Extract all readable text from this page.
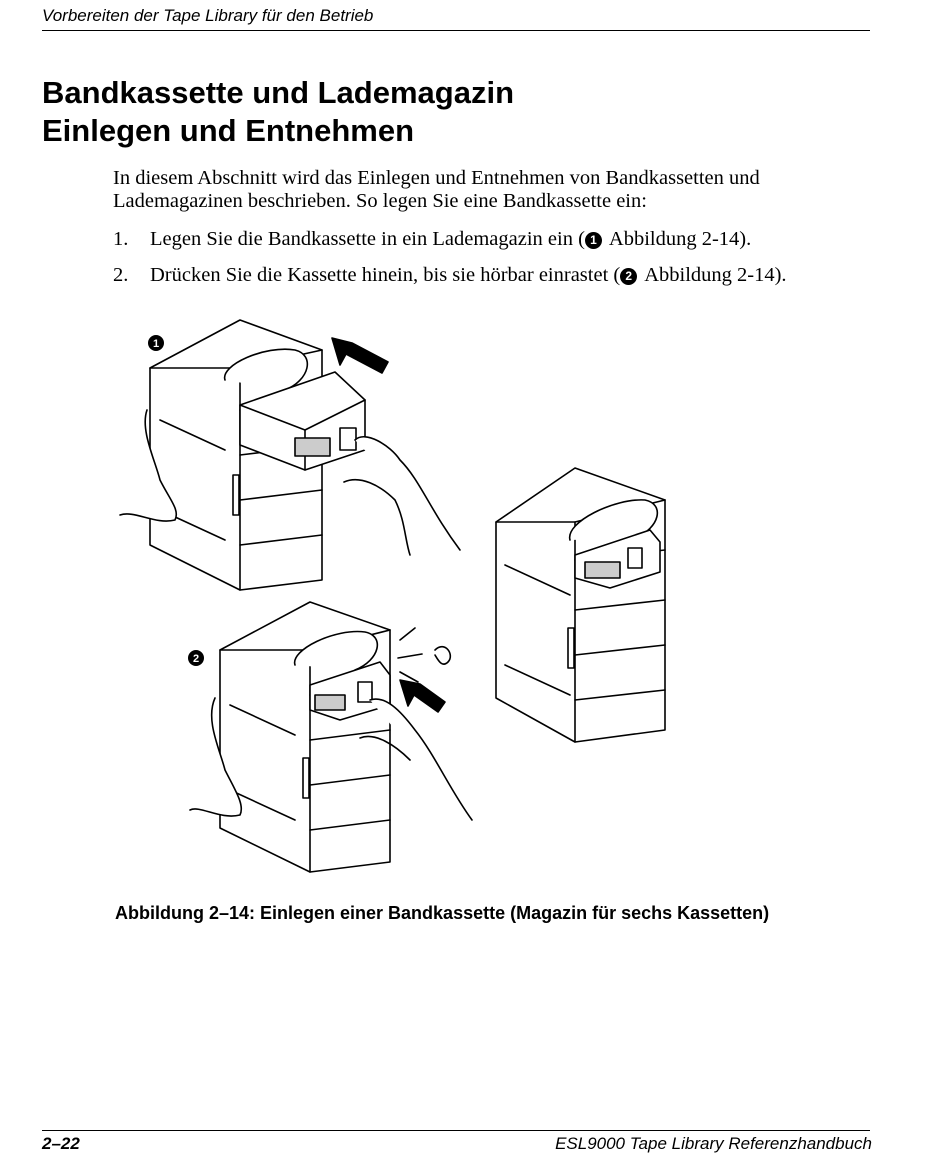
Vorbereiten der Tape Library für den Betrieb
Bandkassette und Lademagazin
Einlegen und Entnehmen

In diesem Abschnitt wird das Einlegen und Entnehmen von Bandkassetten und Lademagazinen beschrieben. So legen Sie eine Bandkassette ein:

1. Legen Sie die Bandkassette in ein Lademagazin ein ( 1 Abbildung 2-14).
2. Drücken Sie die Kassette hinein, bis sie hörbar einrastet ( 2 Abbildung 2-14).
1
2
Abbildung 2–14: Einlegen einer Bandkassette (Magazin für sechs Kassetten)
2–22	ESL9000 Tape Library Referenzhandbuch
